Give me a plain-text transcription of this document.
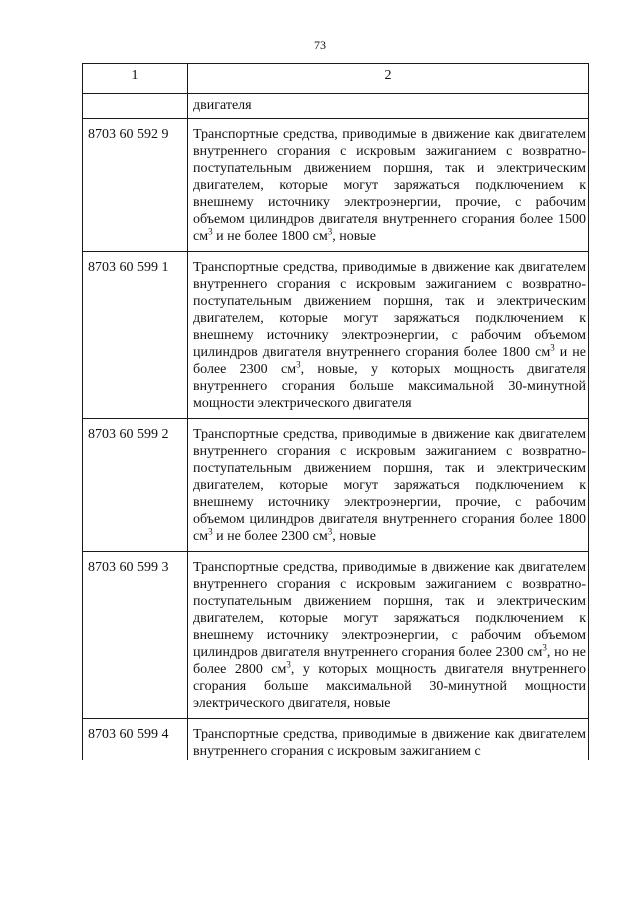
73
1	2
	двигателя
8703 60 592 9	Транспортные средства, приводимые в движение как двигателем внутреннего сгорания с искровым зажиганием с возвратно-поступательным движением поршня, так и электрическим двигателем, которые могут заряжаться подключением к внешнему источнику электроэнергии, прочие, с рабочим объемом цилиндров двигателя внутреннего сгорания более 1500 $см^3$ и не более 1800 $см^3$, новые
8703 60 599 1	Транспортные средства, приводимые в движение как двигателем внутреннего сгорания с искровым зажиганием с возвратно-поступательным движением поршня, так и электрическим двигателем, которые могут заряжаться подключением к внешнему источнику электроэнергии, с рабочим объемом цилиндров двигателя внутреннего сгорания более 1800 $см^3$ и не более 2300 $см^3$, новые, у которых мощность двигателя внутреннего сгорания больше максимальной 30-минутной мощности электрического двигателя
8703 60 599 2	Транспортные средства, приводимые в движение как двигателем внутреннего сгорания с искровым зажиганием с возвратно-поступательным движением поршня, так и электрическим двигателем, которые могут заряжаться подключением к внешнему источнику электроэнергии, прочие, с рабочим объемом цилиндров двигателя внутреннего сгорания более 1800 $см^3$ и не более 2300 $см^3$, новые
8703 60 599 3	Транспортные средства, приводимые в движение как двигателем внутреннего сгорания с искровым зажиганием с возвратно-поступательным движением поршня, так и электрическим двигателем, которые могут заряжаться подключением к внешнему источнику электроэнергии, с рабочим объемом цилиндров двигателя внутреннего сгорания более 2300 $см^3$, но не более 2800 $см^3$, у которых мощность двигателя внутреннего сгорания больше максимальной 30-минутной мощности электрического двигателя, новые
8703 60 599 4	Транспортные средства, приводимые в движение как двигателем внутреннего сгорания с искровым зажиганием с
